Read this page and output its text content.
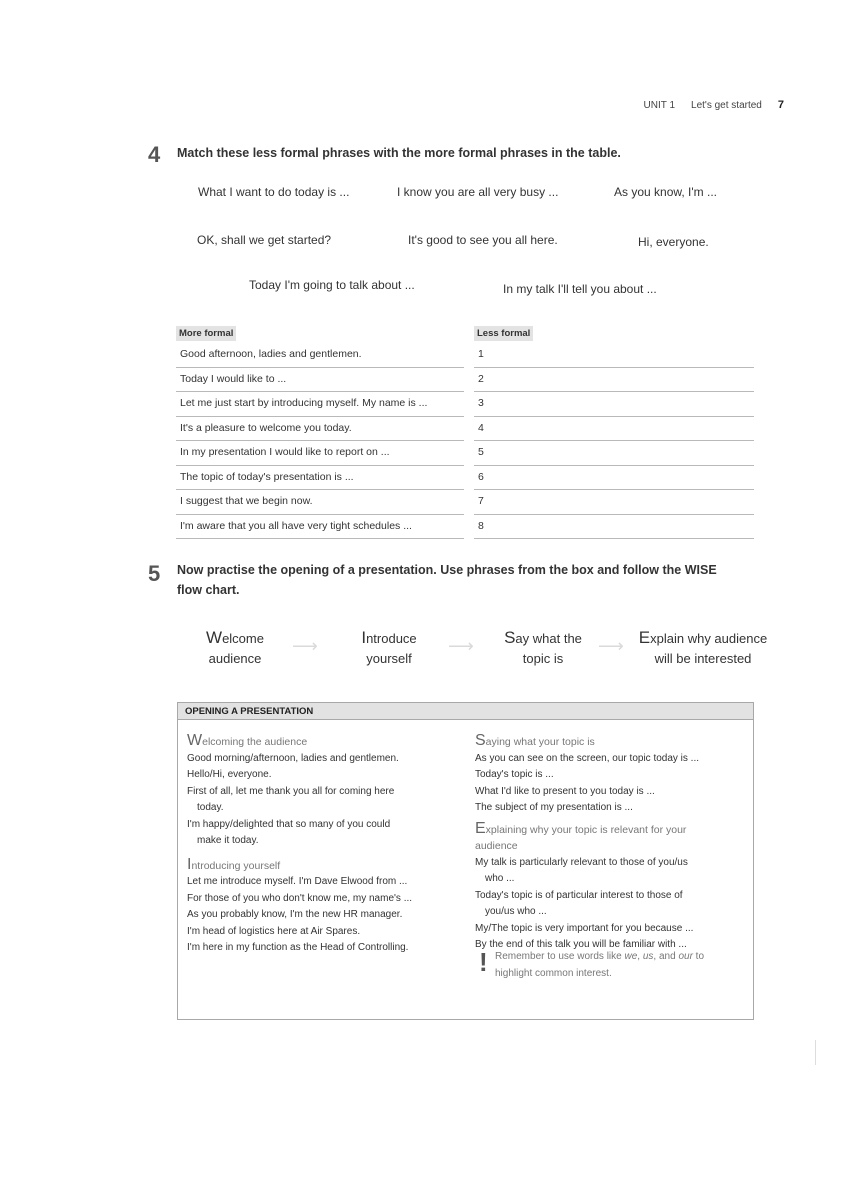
UNIT 1 Let's get started 7
4 Match these less formal phrases with the more formal phrases in the table.
What I want to do today is ...	I know you are all very busy ...	As you know, I'm ...
OK, shall we get started?	It's good to see you all here.	Hi, everyone.
Today I'm going to talk about ...	In my talk I'll tell you about ...
More formal	Less formal
Good afternoon, ladies and gentlemen.	1
Today I would like to ...	2
Let me just start by introducing myself. My name is ...	3
It's a pleasure to welcome you today.	4
In my presentation I would like to report on ...	5
The topic of today's presentation is ...	6
I suggest that we begin now.	7
I'm aware that you all have very tight schedules ...	8
5 Now practise the opening of a presentation. Use phrases from the box and follow the WISE
flow chart.
Welcome
audience
⟶	Introduce
yourself
⟶ Say what the
topic is
⟶ Explain why audience
will be interested
OPENING A PRESENTATION
Welcoming the audience
Good morning/afternoon, ladies and gentlemen.
Hello/Hi, everyone.
First of all, let me thank you all for coming here
today.
I'm happy/delighted that so many of you could
make it today.
Introducing yourself
Let me introduce myself. I'm Dave Elwood from ...
For those of you who don't know me, my name's ...
As you probably know, I'm the new HR manager.
I'm head of logistics here at Air Spares.
I'm here in my function as the Head of Controlling.
Saying what your topic is
As you can see on the screen, our topic today is ...
Today's topic is ...
What I'd like to present to you today is ...
The subject of my presentation is ...
Explaining why your topic is relevant for your
audience
My talk is particularly relevant to those of you/us
who ...
Today's topic is of particular interest to those of
you/us who ...
My/The topic is very important for you because ...
By the end of this talk you will be familiar with ...
! Remember to use words like we, us, and our to
highlight common interest.
